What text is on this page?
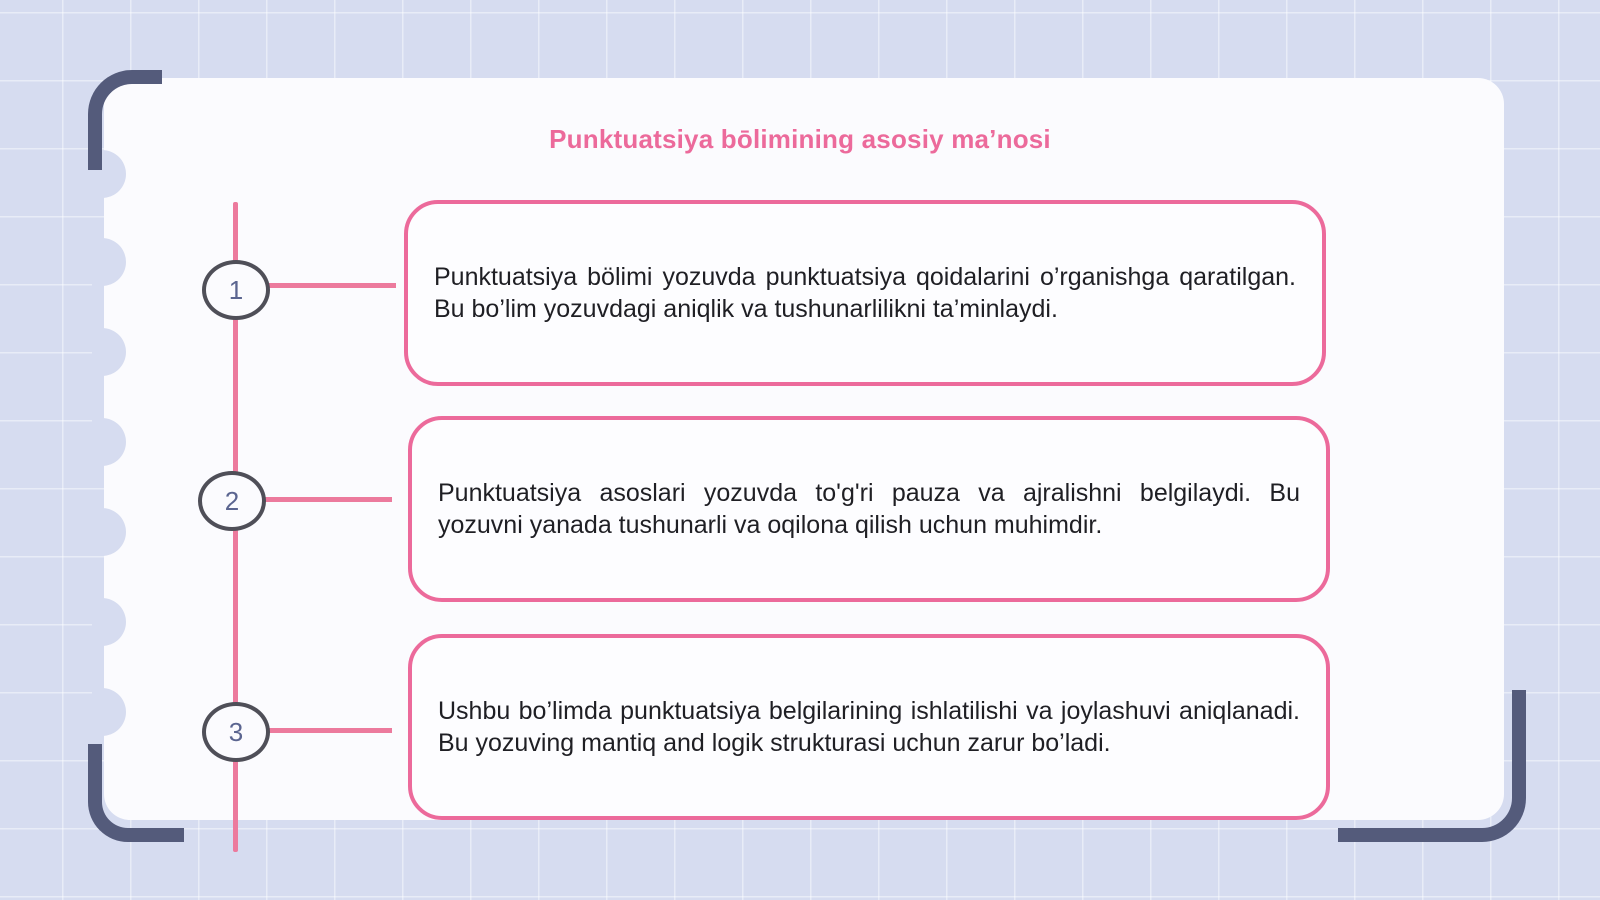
Punktuatsiya bōlimining asosiy ma’nosi
1	Punktuatsiya bölimi yozuvda punktuatsiya qoidalarini o’rganishga qaratilgan. Bu bo’lim yozuvdagi aniqlik va tushunarlilikni ta’minlaydi.
2	Punktuatsiya asoslari yozuvda to'g'ri pauza va ajralishni belgilaydi. Bu yozuvni yanada tushunarli va oqilona qilish uchun muhimdir.
3
Ushbu bo’limda punktuatsiya belgilarining ishlatilishi va joylashuvi aniqlanadi. Bu yozuving mantiq and logik strukturasi uchun zarur bo’ladi.
